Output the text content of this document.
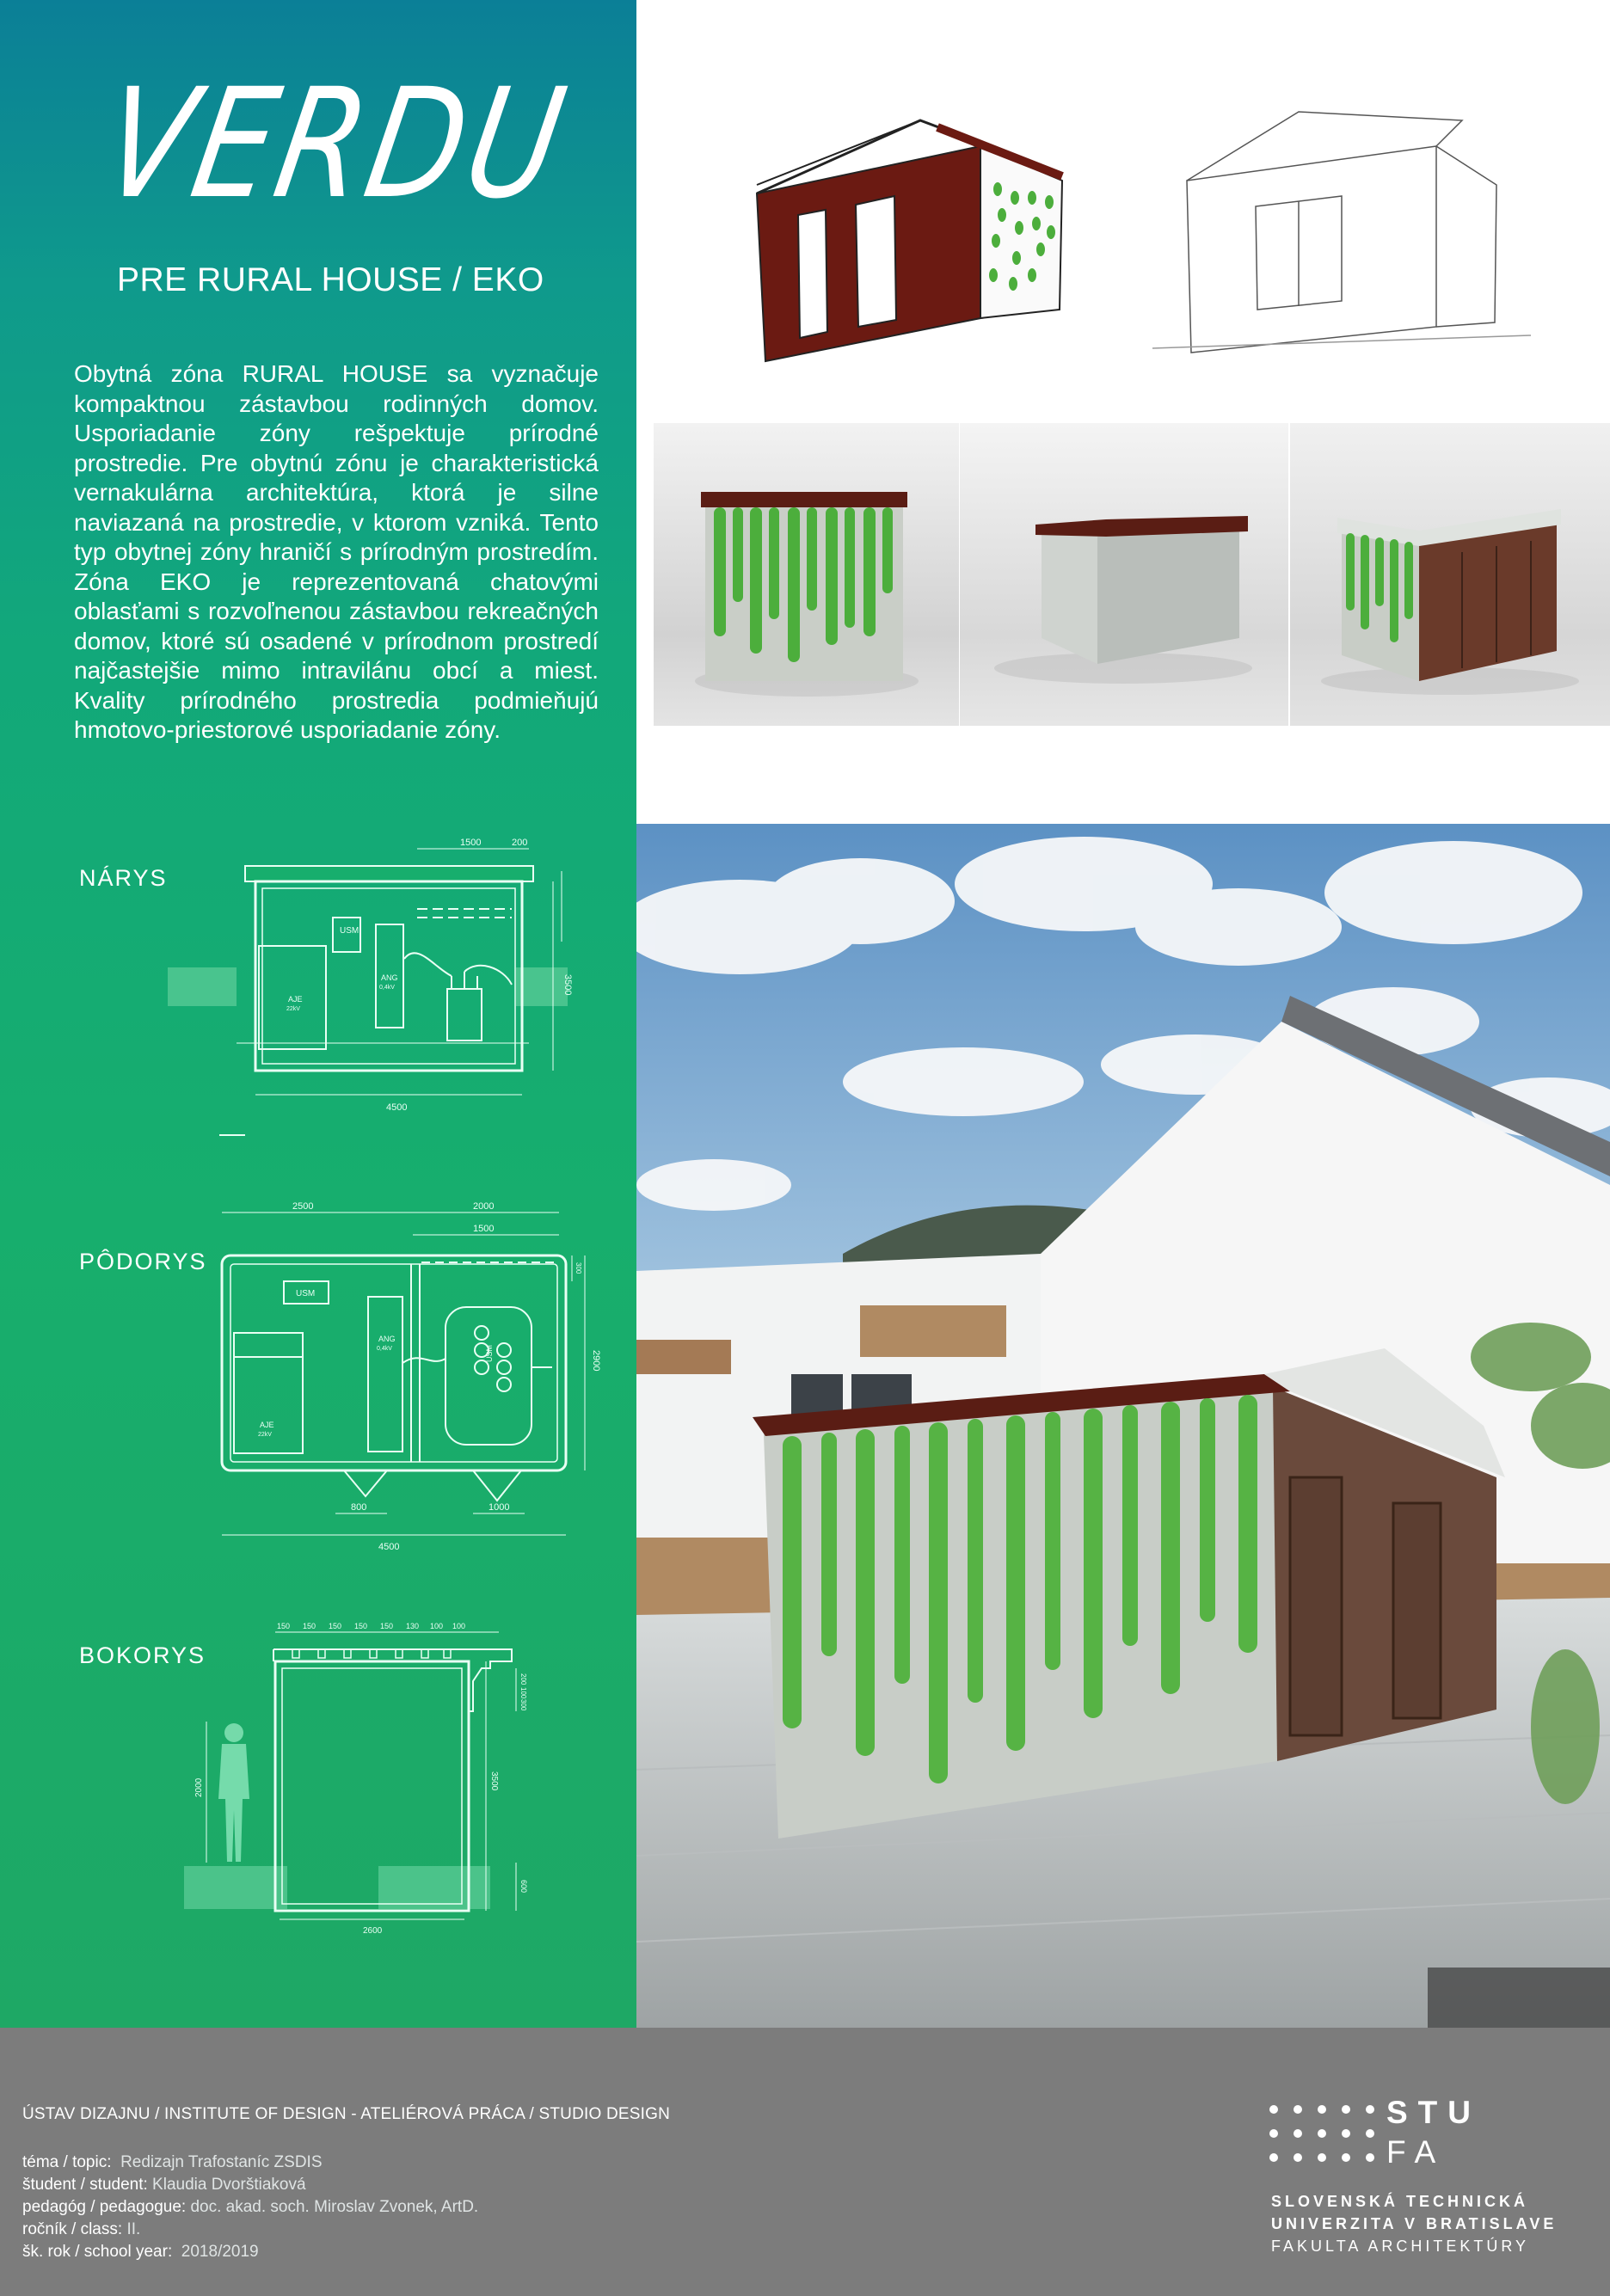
VERDU
PRE RURAL HOUSE / EKO
Obytná zóna RURAL HOUSE sa vyznačuje kompaktnou zástavbou rodinných domov. Usporiadanie zóny rešpektuje prírodné prostredie. Pre obytnú zónu je charakteristická vernakulárna architektúra, ktorá je silne naviazaná na prostredie, v ktorom vzniká. Tento typ obytnej zóny hraničí s prírodným prostredím. Zóna EKO je reprezentovaná chatovými oblasťami s rozvoľnenou zástavbou rekreačných domov, ktoré sú osadené v prírodnom prostredí najčastejšie mimo intravilánu obcí a miest. Kvality prírodného prostredia podmieňujú hmotovo-priestorové usporiadanie zóny.
NÁRYS
1500	200
4500
3500
USM
AJE
22kV
ANG
0,4kV
PÔDORYS
2500	2000
1500
2900
300
800	1000
4500
USM
ANG
0,4kV
AJE
22kV
USM
BOKORYS
150 150 150 150 150 130 100 100
2000	3500
200
100
300
600
2600
ÚSTAV DIZAJNU / INSTITUTE OF DESIGN - ATELIÉROVÁ PRÁCA / STUDIO DESIGN
téma / topic: Redizajn Trafostaníc ZSDIS
študent / student: Klaudia Dvorštiaková
pedagóg / pedagogue: doc. akad. soch. Miroslav Zvonek, ArtD.
ročník / class: II.
šk. rok / school year: 2018/2019
STU
FA
SLOVENSKÁ TECHNICKÁ
UNIVERZITA V BRATISLAVE
FAKULTA ARCHITEKTÚRY
